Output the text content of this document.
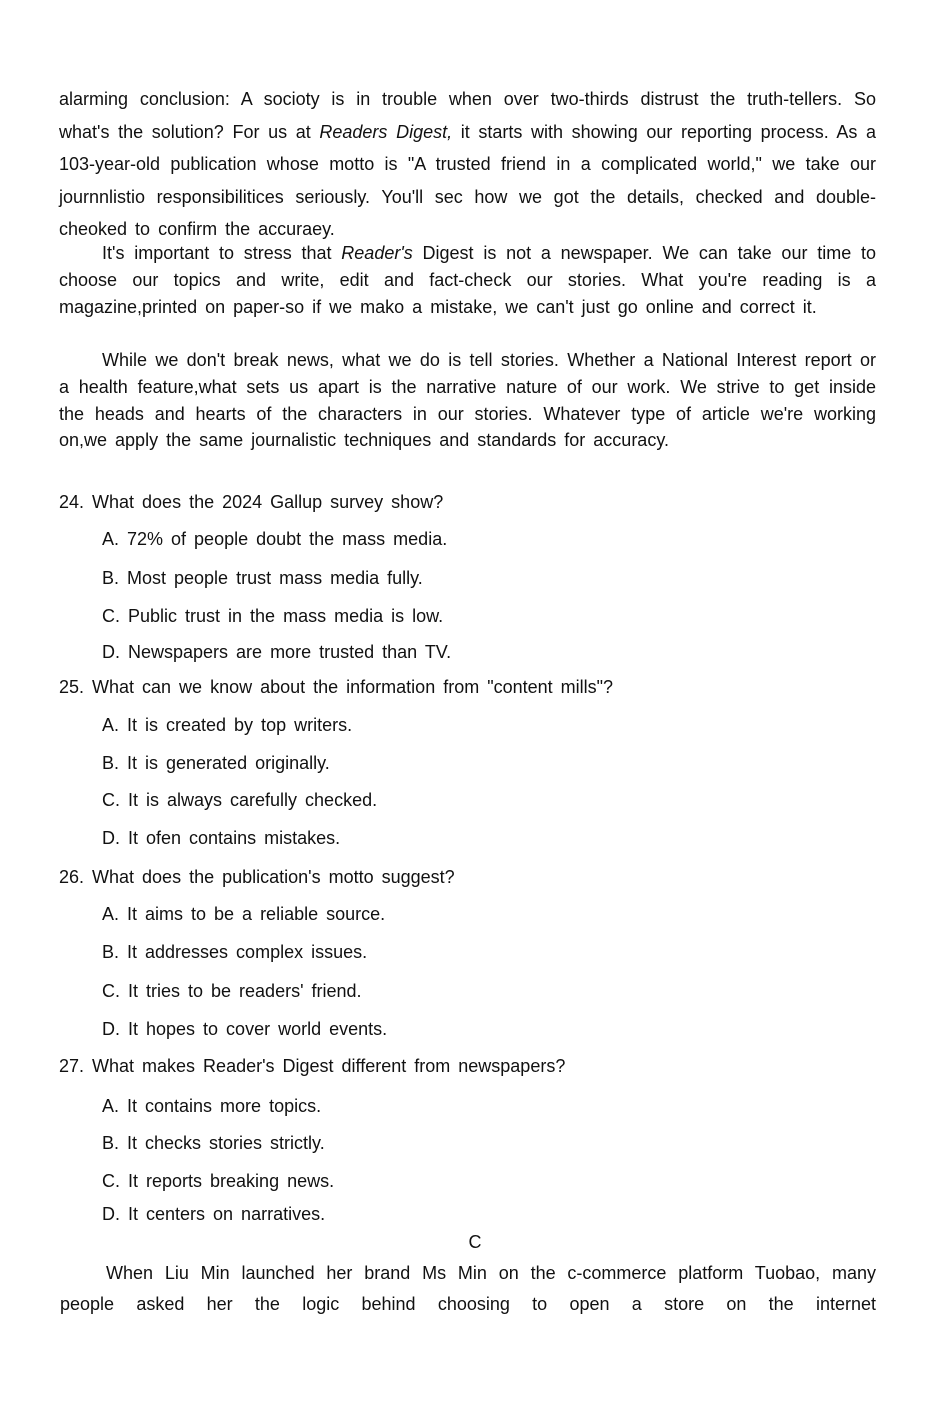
alarming conclusion: A socioty is in trouble when over two-thirds distrust the truth-tellers. So what's the solution? For us at Readers Digest, it starts with showing our reporting process. As a 103-year-old publication whose motto is "A trusted friend in a complicated world," we take our journnlistio responsibilitices seriously. You'll sec how we got the details, checked and double-cheoked to confirm the accuraey.

It's important to stress that Reader's Digest is not a newspaper. We can take our time to choose our topics and write, edit and fact-check our stories. What you're reading is a magazine,printed on paper-so if we mako a mistake, we can't just go online and correct it.

While we don't break news, what we do is tell stories. Whether a National Interest report or a health feature,what sets us apart is the narrative nature of our work. We strive to get inside the heads and hearts of the characters in our stories. Whatever type of article we're working on,we apply the same journalistic techniques and standards for accuracy.

24. What does the 2024 Gallup survey show?

A. 72% of people doubt the mass media.

B. Most people trust mass media fully.

C. Public trust in the mass media is low.

D. Newspapers are more trusted than TV.

25. What can we know about the information from "content mills"?

A. It is created by top writers.

B. It is generated originally.

C. It is always carefully checked.

D. It ofen contains mistakes.

26. What does the publication's motto suggest?

A. It aims to be a reliable source.

B. It addresses complex issues.

C. It tries to be readers' friend.

D. It hopes to cover world events.

27. What makes Reader's Digest different from newspapers?

A. It contains more topics.

B. It checks stories strictly.

C. It reports breaking news.

D. It centers on narratives.

C

When Liu Min launched her brand Ms Min on the c-commerce platform Tuobao, many people asked her the logic behind choosing to open a store on the internet
